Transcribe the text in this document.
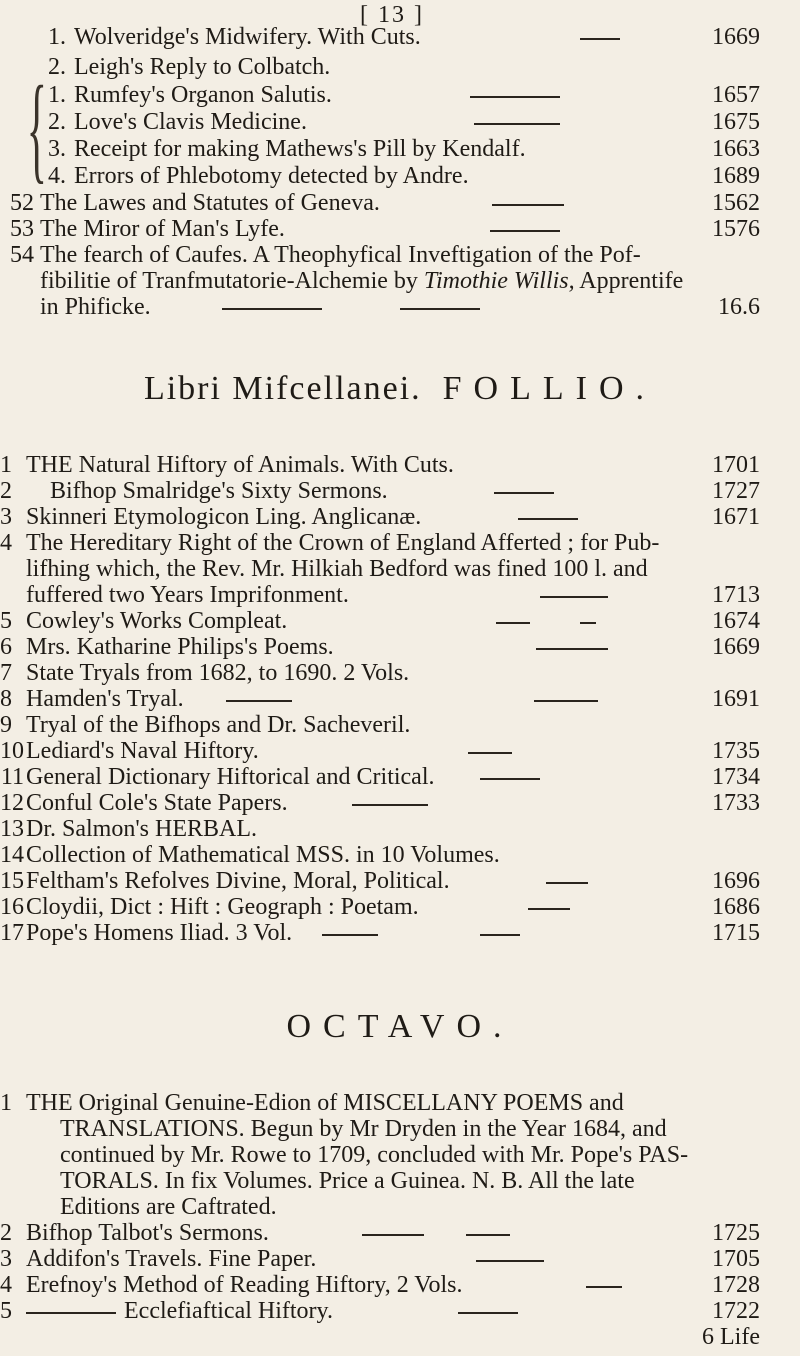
[ 13 ]
{
1. Wolveridge's Midwifery. With Cuts.	1669
2. Leigh's Reply to Colbatch.
1. Rumfey's Organon Salutis.	1657
2. Love's Clavis Medicine.	1675
3. Receipt for making Mathews's Pill by Kendalf.	1663
4. Errors of Phlebotomy detected by Andre.	1689
52 The Lawes and Statutes of Geneva.	1562
53 The Miror of Man's Lyfe.	1576
54 The fearch of Caufes. A Theophyfical Inveftigation of the Pof-
fibilitie of Tranfmutatorie-Alchemie by Timothie Willis, Apprentife
in Phificke.	16.6
Libri Mifcellanei. FOLLIO.
1 THE Natural Hiftory of Animals. With Cuts.	1701
2 Bifhop Smalridge's Sixty Sermons.	1727
3 Skinneri Etymologicon Ling. Anglicanæ.	1671
4 The Hereditary Right of the Crown of England Afferted ; for Pub-
lifhing which, the Rev. Mr. Hilkiah Bedford was fined 100 l. and
fuffered two Years Imprifonment.	1713
5 Cowley's Works Compleat.	1674
6 Mrs. Katharine Philips's Poems.	1669
7 State Tryals from 1682, to 1690. 2 Vols.
8 Hamden's Tryal.	1691
9 Tryal of the Bifhops and Dr. Sacheveril.
10 Lediard's Naval Hiftory.	1735
11 General Dictionary Hiftorical and Critical.	1734
12 Conful Cole's State Papers.	1733
13 Dr. Salmon's HERBAL.
14 Collection of Mathematical MSS. in 10 Volumes.
15 Feltham's Refolves Divine, Moral, Political.	1696
16 Cloydii, Dict : Hift : Geograph : Poetam.	1686
17 Pope's Homens Iliad. 3 Vol.	1715
OCTAVO.
1 THE Original Genuine-Edion of MISCELLANY POEMS and
TRANSLATIONS. Begun by Mr Dryden in the Year 1684, and
continued by Mr. Rowe to 1709, concluded with Mr. Pope's PAS-
TORALS. In fix Volumes. Price a Guinea. N. B. All the late
Editions are Caftrated.
2 Bifhop Talbot's Sermons.	1725
3 Addifon's Travels. Fine Paper.	1705
4 Erefnoy's Method of Reading Hiftory, 2 Vols.	1728
5	Ecclefiaftical Hiftory.	1722
6 Life
